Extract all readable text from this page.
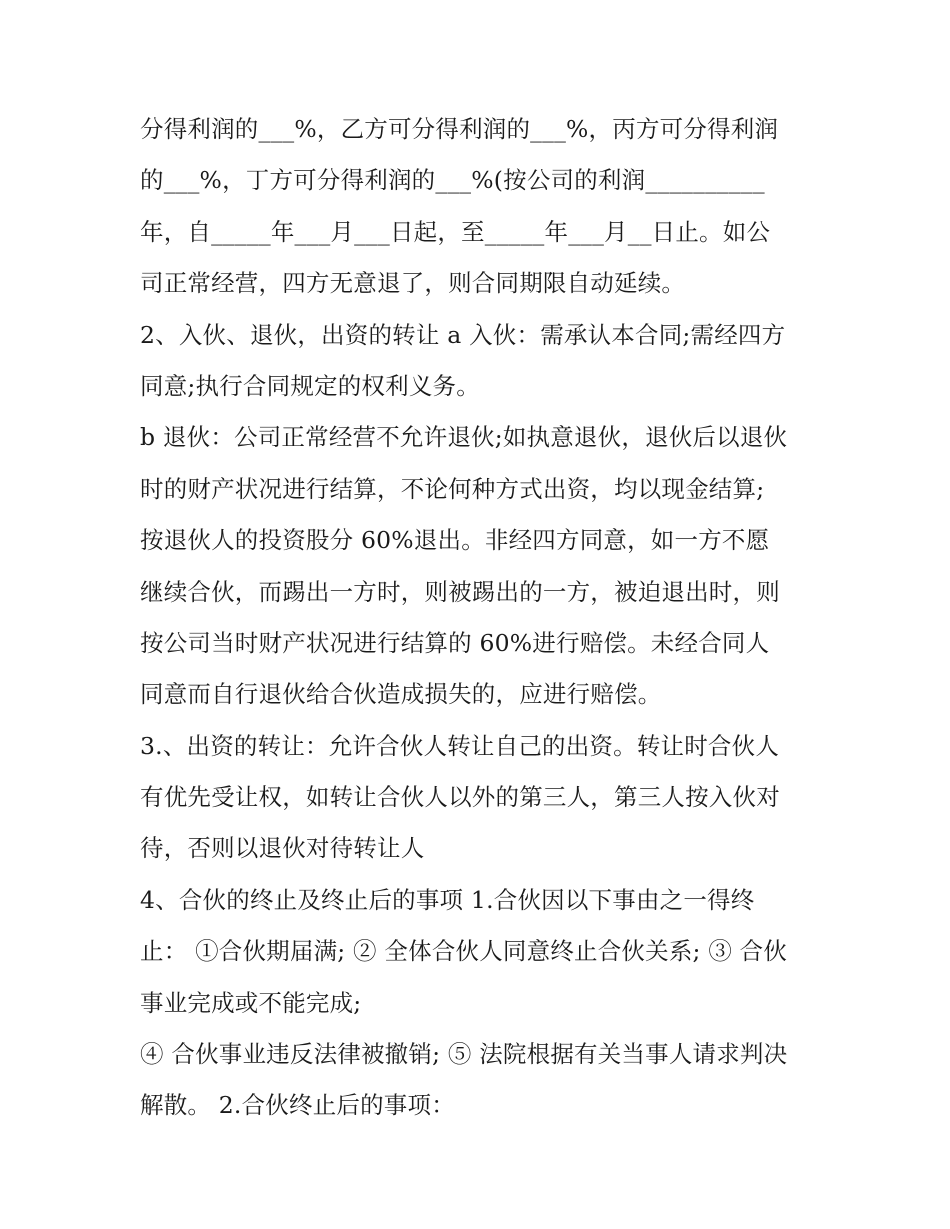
分得利润的___%，乙方可分得利润的___%，丙方可分得利润
的___%，丁方可分得利润的___%(按公司的利润__________
年，自_____年___月___日起，至_____年___月__日止。如公
司正常经营，四方无意退了，则合同期限自动延续。
2、入伙、退伙，出资的转让 a 入伙：需承认本合同;需经四方
同意;执行合同规定的权利义务。
b 退伙：公司正常经营不允许退伙;如执意退伙，退伙后以退伙
时的财产状况进行结算，不论何种方式出资，均以现金结算;
按退伙人的投资股分 60%退出。非经四方同意，如一方不愿
继续合伙，而踢出一方时，则被踢出的一方，被迫退出时，则
按公司当时财产状况进行结算的 60%进行赔偿。未经合同人
同意而自行退伙给合伙造成损失的，应进行赔偿。
3.、出资的转让：允许合伙人转让自己的出资。转让时合伙人
有优先受让权，如转让合伙人以外的第三人，第三人按入伙对
待，否则以退伙对待转让人
4、合伙的终止及终止后的事项 1.合伙因以下事由之一得终
止： ①合伙期届满; ② 全体合伙人同意终止合伙关系; ③ 合伙
事业完成或不能完成;
④ 合伙事业违反法律被撤销; ⑤ 法院根据有关当事人请求判决
解散。 2.合伙终止后的事项：
